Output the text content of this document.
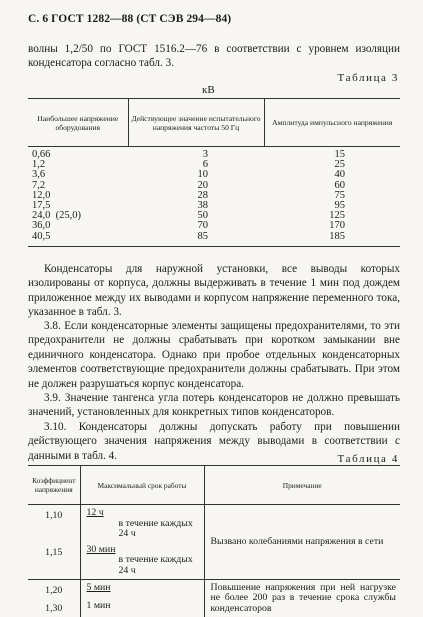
С. 6 ГОСТ 1282—88 (СТ СЭВ 294—84)

волны 1,2/50 по ГОСТ 1516.2—76 в соответствии с уровнем изоляции конденсатора согласно табл. 3.

Таблица 3
кВ
Наибольшее напряжение оборудования	Действующее значение испытательного напряжения частоты 50 Гц	Амплитуда импульсного напряжения
0,66	3	15
1,2	6	25
3,6	10	40
7,2	20	60
12,0	28	75
17,5	38	95
24,0  (25,0)	50	125
36,0	70	170
40,5	85	185

Конденсаторы для наружной установки, все выводы которых изолированы от корпуса, должны выдерживать в течение 1 мин под дождем приложенное между их выводами и корпусом напряжение переменного тока, указанное в табл. 3.

3.8. Если конденсаторные элементы защищены предохранителями, то эти предохранители не должны срабатывать при коротком замыкании вне единичного конденсатора. Однако при пробое отдельных конденсаторных элементов соответствующие предохранители должны срабатывать. При этом не должен разрушаться корпус конденсатора.

3.9. Значение тангенса угла потерь конденсаторов не должно превышать значений, установленных для конкретных типов конденсаторов.

3.10. Конденсаторы должны допускать работу при повышении действующего значения напряжения между выводами в соответствии с данными в табл. 4.	Таблица 4
Коэффициент напряжения	Максимальный срок работы	Примечание
1,10	12 ч
в течение каждых 24 ч	Вызвано колебаниями напряжения в сети
1,15	30 мин
в течение каждых 24 ч	

1,20	5 мин	Повышение напряжения при ней нагрузке не более 200 раз в течение срока службы конденсаторов
1,30	1 мин	
